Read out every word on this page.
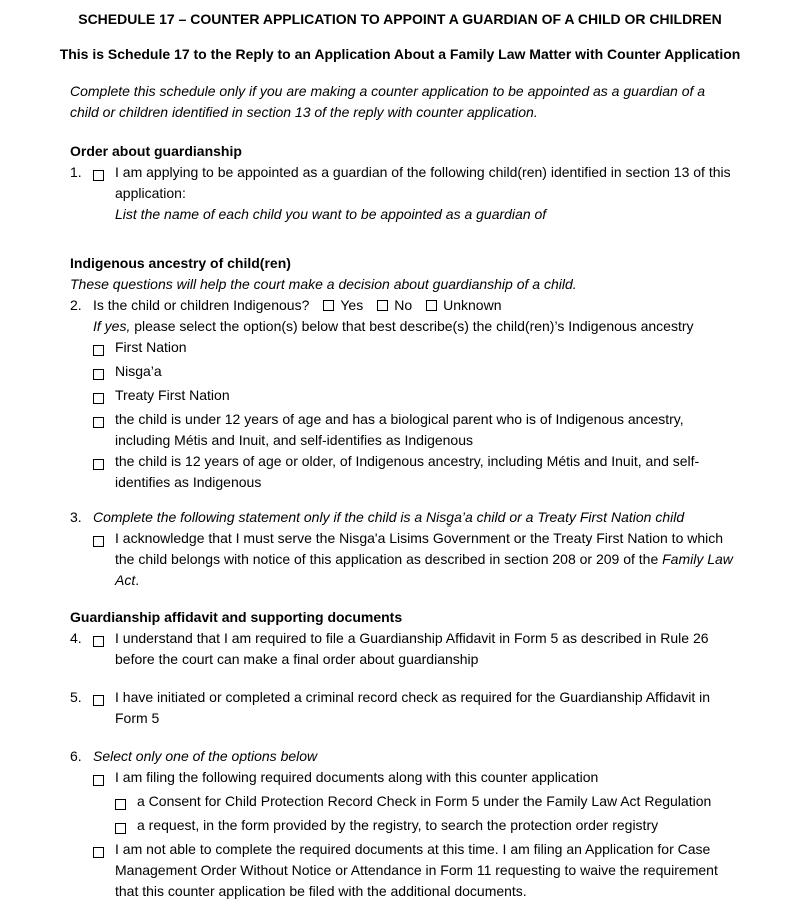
SCHEDULE 17 – COUNTER APPLICATION TO APPOINT A GUARDIAN OF A CHILD OR CHILDREN
This is Schedule 17 to the Reply to an Application About a Family Law Matter with Counter Application
Complete this schedule only if you are making a counter application to be appointed as a guardian of a child or children identified in section 13 of the reply with counter application.
Order about guardianship
1.	I am applying to be appointed as a guardian of the following child(ren) identified in section 13 of this application:
List the name of each child you want to be appointed as a guardian of
Indigenous ancestry of child(ren)
These questions will help the court make a decision about guardianship of a child.
2. Is the child or children Indigenous? Yes No Unknown
If yes, please select the option(s) below that best describe(s) the child(ren)’s Indigenous ancestry
First Nation
Nisga’a
Treaty First Nation
the child is under 12 years of age and has a biological parent who is of Indigenous ancestry, including Métis and Inuit, and self-identifies as Indigenous
the child is 12 years of age or older, of Indigenous ancestry, including Métis and Inuit, and self-identifies as Indigenous
3. Complete the following statement only if the child is a Nisg̱a’a child or a Treaty First Nation child
I acknowledge that I must serve the Nisga'a Lisims Government or the Treaty First Nation to which the child belongs with notice of this application as described in section 208 or 209 of the Family Law Act.
Guardianship affidavit and supporting documents
4.	I understand that I am required to file a Guardianship Affidavit in Form 5 as described in Rule 26 before the court can make a final order about guardianship
5.	I have initiated or completed a criminal record check as required for the Guardianship Affidavit in Form 5
6. Select only one of the options below
I am filing the following required documents along with this counter application
a Consent for Child Protection Record Check in Form 5 under the Family Law Act Regulation
a request, in the form provided by the registry, to search the protection order registry
I am not able to complete the required documents at this time. I am filing an Application for Case Management Order Without Notice or Attendance in Form 11 requesting to waive the requirement that this counter application be filed with the additional documents.
